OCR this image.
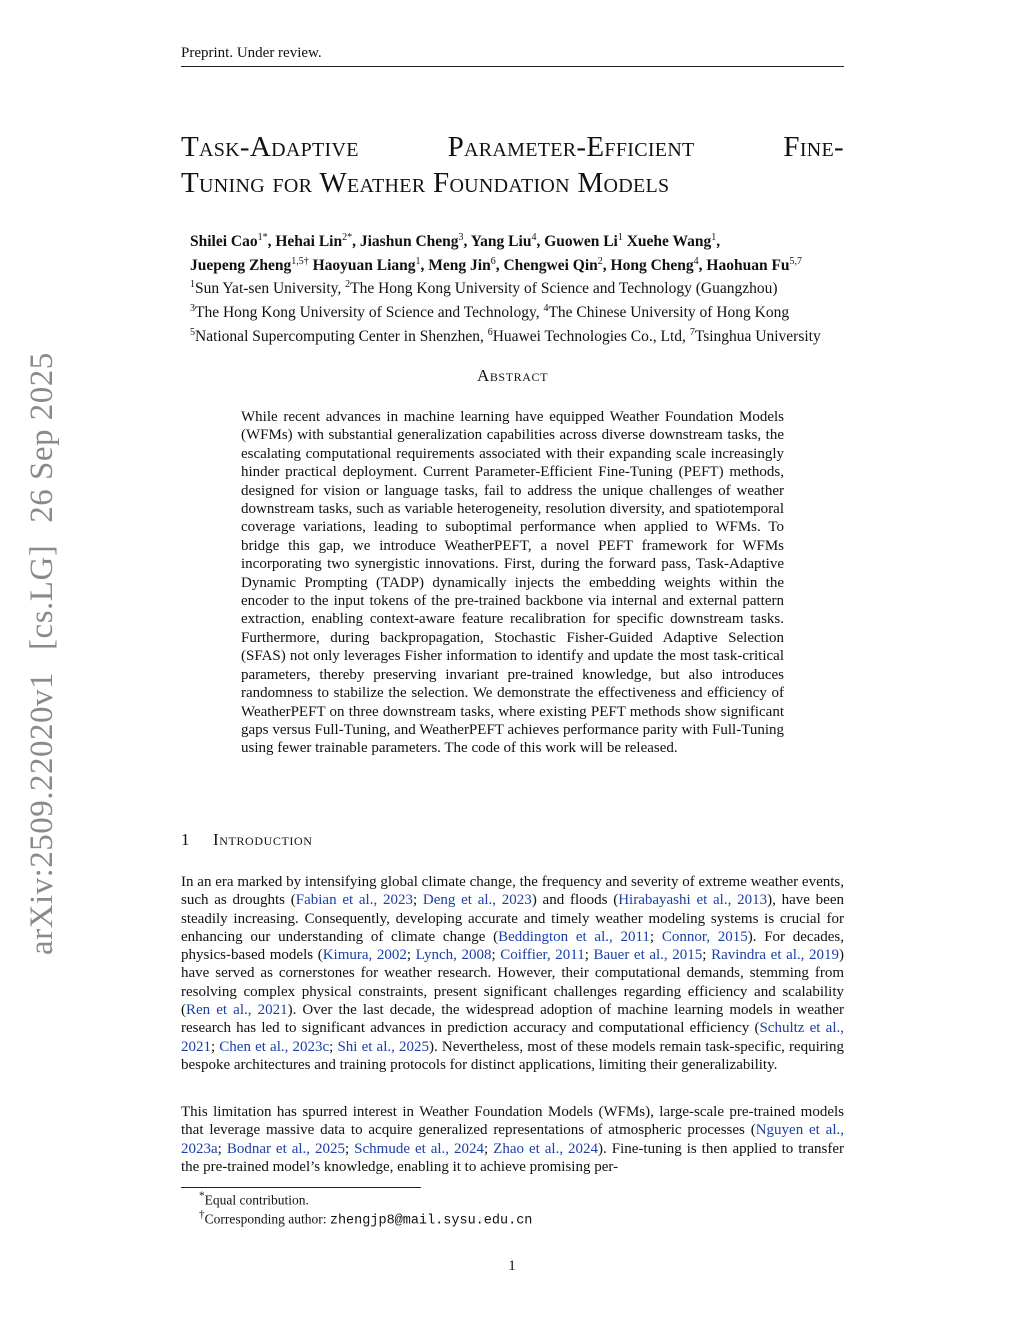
Preprint. Under review.
arXiv:2509.22020v1
[cs.LG]
26 Sep 2025
Task-Adaptive	Parameter-Efficient	Fine-
Tuning for Weather Foundation Models
Shilei Cao$^{1*}$, Hehai Lin$^{2*}$, Jiashun Cheng$^3$, Yang Liu$^4$, Guowen Li$^1$ Xuehe Wang$^1$,
Juepeng Zheng$^{1,5\dagger}$ Haoyuan Liang$^1$, Meng Jin$^6$, Chengwei Qin$^2$, Hong Cheng$^4$, Haohuan Fu$^{5,7}$
$^1$Sun Yat-sen University, $^2$The Hong Kong University of Science and Technology (Guangzhou)
$^3$The Hong Kong University of Science and Technology, $^4$The Chinese University of Hong Kong
$^5$National Supercomputing Center in Shenzhen, $^6$Huawei Technologies Co., Ltd, $^7$Tsinghua University
Abstract
While recent advances in machine learning have equipped Weather Foundation Models (WFMs) with substantial generalization capabilities across diverse downstream tasks, the escalating computational requirements associated with their expanding scale increasingly hinder practical deployment. Current Parameter-Efficient Fine-Tuning (PEFT) methods, designed for vision or language tasks, fail to address the unique challenges of weather downstream tasks, such as variable heterogeneity, resolution diversity, and spatiotemporal coverage variations, leading to suboptimal performance when applied to WFMs. To bridge this gap, we introduce WeatherPEFT, a novel PEFT framework for WFMs incorporating two synergistic innovations. First, during the forward pass, Task-Adaptive Dynamic Prompting (TADP) dynamically injects the embedding weights within the encoder to the input tokens of the pre-trained backbone via internal and external pattern extraction, enabling context-aware feature recalibration for specific downstream tasks. Furthermore, during backpropagation, Stochastic Fisher-Guided Adaptive Selection (SFAS) not only leverages Fisher information to identify and update the most task-critical parameters, thereby preserving invariant pre-trained knowledge, but also introduces randomness to stabilize the selection. We demonstrate the effectiveness and efficiency of WeatherPEFT on three downstream tasks, where existing PEFT methods show significant gaps versus Full-Tuning, and WeatherPEFT achieves performance parity with Full-Tuning using fewer trainable parameters. The code of this work will be released.
1 Introduction
In an era marked by intensifying global climate change, the frequency and severity of extreme weather events, such as droughts (Fabian et al., 2023; Deng et al., 2023) and floods (Hirabayashi et al., 2013), have been steadily increasing. Consequently, developing accurate and timely weather modeling systems is crucial for enhancing our understanding of climate change (Beddington et al., 2011; Connor, 2015). For decades, physics-based models (Kimura, 2002; Lynch, 2008; Coiffier, 2011; Bauer et al., 2015; Ravindra et al., 2019) have served as cornerstones for weather research. However, their computational demands, stemming from resolving complex physical constraints, present significant challenges regarding efficiency and scalability (Ren et al., 2021). Over the last decade, the widespread adoption of machine learning models in weather research has led to significant advances in prediction accuracy and computational efficiency (Schultz et al., 2021; Chen et al., 2023c; Shi et al., 2025). Nevertheless, most of these models remain task-specific, requiring bespoke architectures and training protocols for distinct applications, limiting their generalizability.
This limitation has spurred interest in Weather Foundation Models (WFMs), large-scale pre-trained models that leverage massive data to acquire generalized representations of atmospheric processes (Nguyen et al., 2023a; Bodnar et al., 2025; Schmude et al., 2024; Zhao et al., 2024). Fine-tuning is then applied to transfer the pre-trained model’s knowledge, enabling it to achieve promising per-
*Equal contribution.
†Corresponding author: zhengjp8@mail.sysu.edu.cn
1
